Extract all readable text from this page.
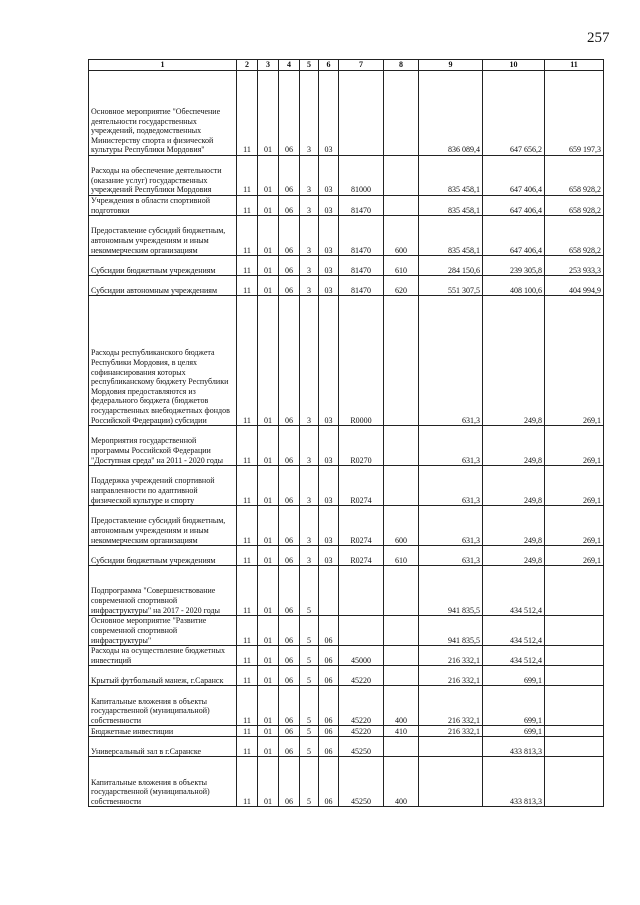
257
1	2	3	4	5	6	7	8	9	10	11
Основное мероприятие "Обеспечение деятельности государственных учреждений, подведомственных Министерству спорта и физической культуры Республики Мордовия"	11	01	06	3	03			836 089,4	647 656,2	659 197,3
Расходы на обеспечение деятельности (оказание услуг) государственных учреждений Республики Мордовия	11	01	06	3	03	81000		835 458,1	647 406,4	658 928,2
Учреждения в области спортивной подготовки	11	01	06	3	03	81470		835 458,1	647 406,4	658 928,2
Предоставление субсидий бюджетным, автономным учреждениям и иным некоммерческим организациям	11	01	06	3	03	81470	600	835 458,1	647 406,4	658 928,2
Субсидии бюджетным учреждениям	11	01	06	3	03	81470	610	284 150,6	239 305,8	253 933,3
Субсидии автономным учреждениям	11	01	06	3	03	81470	620	551 307,5	408 100,6	404 994,9
Расходы республиканского бюджета Республики Мордовия, в целях софинансирования которых республиканскому бюджету Республики Мордовия предоставляются из федерального бюджета (бюджетов государственных внебюджетных фондов Российской Федерации) субсидии	11	01	06	3	03	R0000		631,3	249,8	269,1
Мероприятия государственной программы Российской Федерации "Доступная среда" на 2011 - 2020 годы	11	01	06	3	03	R0270		631,3	249,8	269,1
Поддержка учреждений спортивной направленности по адаптивной физической культуре и спорту	11	01	06	3	03	R0274		631,3	249,8	269,1
Предоставление субсидий бюджетным, автономным учреждениям и иным некоммерческим организациям	11	01	06	3	03	R0274	600	631,3	249,8	269,1
Субсидии бюджетным учреждениям	11	01	06	3	03	R0274	610	631,3	249,8	269,1
Подпрограмма "Совершенствование современной спортивной инфраструктуры" на 2017 - 2020 годы	11	01	06	5				941 835,5	434 512,4	
Основное мероприятие "Развитие современной спортивной инфраструктуры"	11	01	06	5	06			941 835,5	434 512,4	
Расходы на осуществление бюджетных инвестиций	11	01	06	5	06	45000		216 332,1	434 512,4	
Крытый футбольный манеж, г.Саранск	11	01	06	5	06	45220		216 332,1	699,1	
Капитальные вложения в объекты государственной (муниципальной) собственности	11	01	06	5	06	45220	400	216 332,1	699,1	
Бюджетные инвестиции	11	01	06	5	06	45220	410	216 332,1	699,1	
Универсальный зал в г.Саранске	11	01	06	5	06	45250			433 813,3	
Капитальные вложения в объекты государственной (муниципальной) собственности	11	01	06	5	06	45250	400		433 813,3	
